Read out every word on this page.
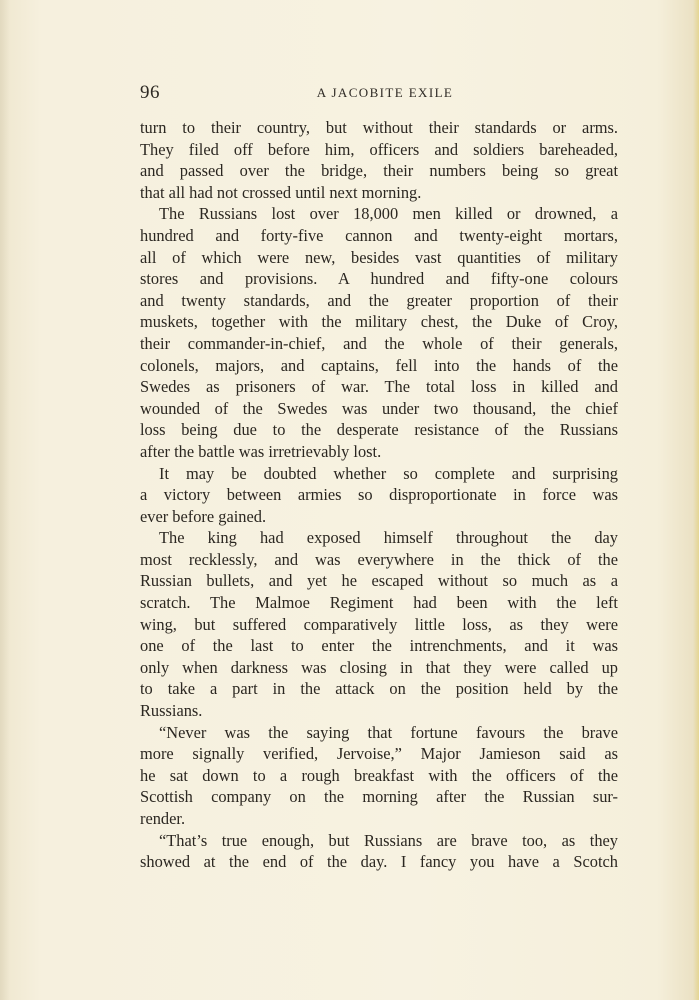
96	A JACOBITE EXILE
turn to their country, but without their standards or arms.
They filed off before him, officers and soldiers bareheaded,
and passed over the bridge, their numbers being so great
that all had not crossed until next morning.
The Russians lost over 18,000 men killed or drowned, a
hundred and forty-five cannon and twenty-eight mortars,
all of which were new, besides vast quantities of military
stores and provisions. A hundred and fifty-one colours
and twenty standards, and the greater proportion of their
muskets, together with the military chest, the Duke of Croy,
their commander-in-chief, and the whole of their generals,
colonels, majors, and captains, fell into the hands of the
Swedes as prisoners of war. The total loss in killed and
wounded of the Swedes was under two thousand, the chief
loss being due to the desperate resistance of the Russians
after the battle was irretrievably lost.
It may be doubted whether so complete and surprising
a victory between armies so disproportionate in force was
ever before gained.
The king had exposed himself throughout the day
most recklessly, and was everywhere in the thick of the
Russian bullets, and yet he escaped without so much as a
scratch. The Malmoe Regiment had been with the left
wing, but suffered comparatively little loss, as they were
one of the last to enter the intrenchments, and it was
only when darkness was closing in that they were called up
to take a part in the attack on the position held by the
Russians.
“Never was the saying that fortune favours the brave
more signally verified, Jervoise,” Major Jamieson said as
he sat down to a rough breakfast with the officers of the
Scottish company on the morning after the Russian sur-
render.
“That’s true enough, but Russians are brave too, as they
showed at the end of the day. I fancy you have a Scotch
